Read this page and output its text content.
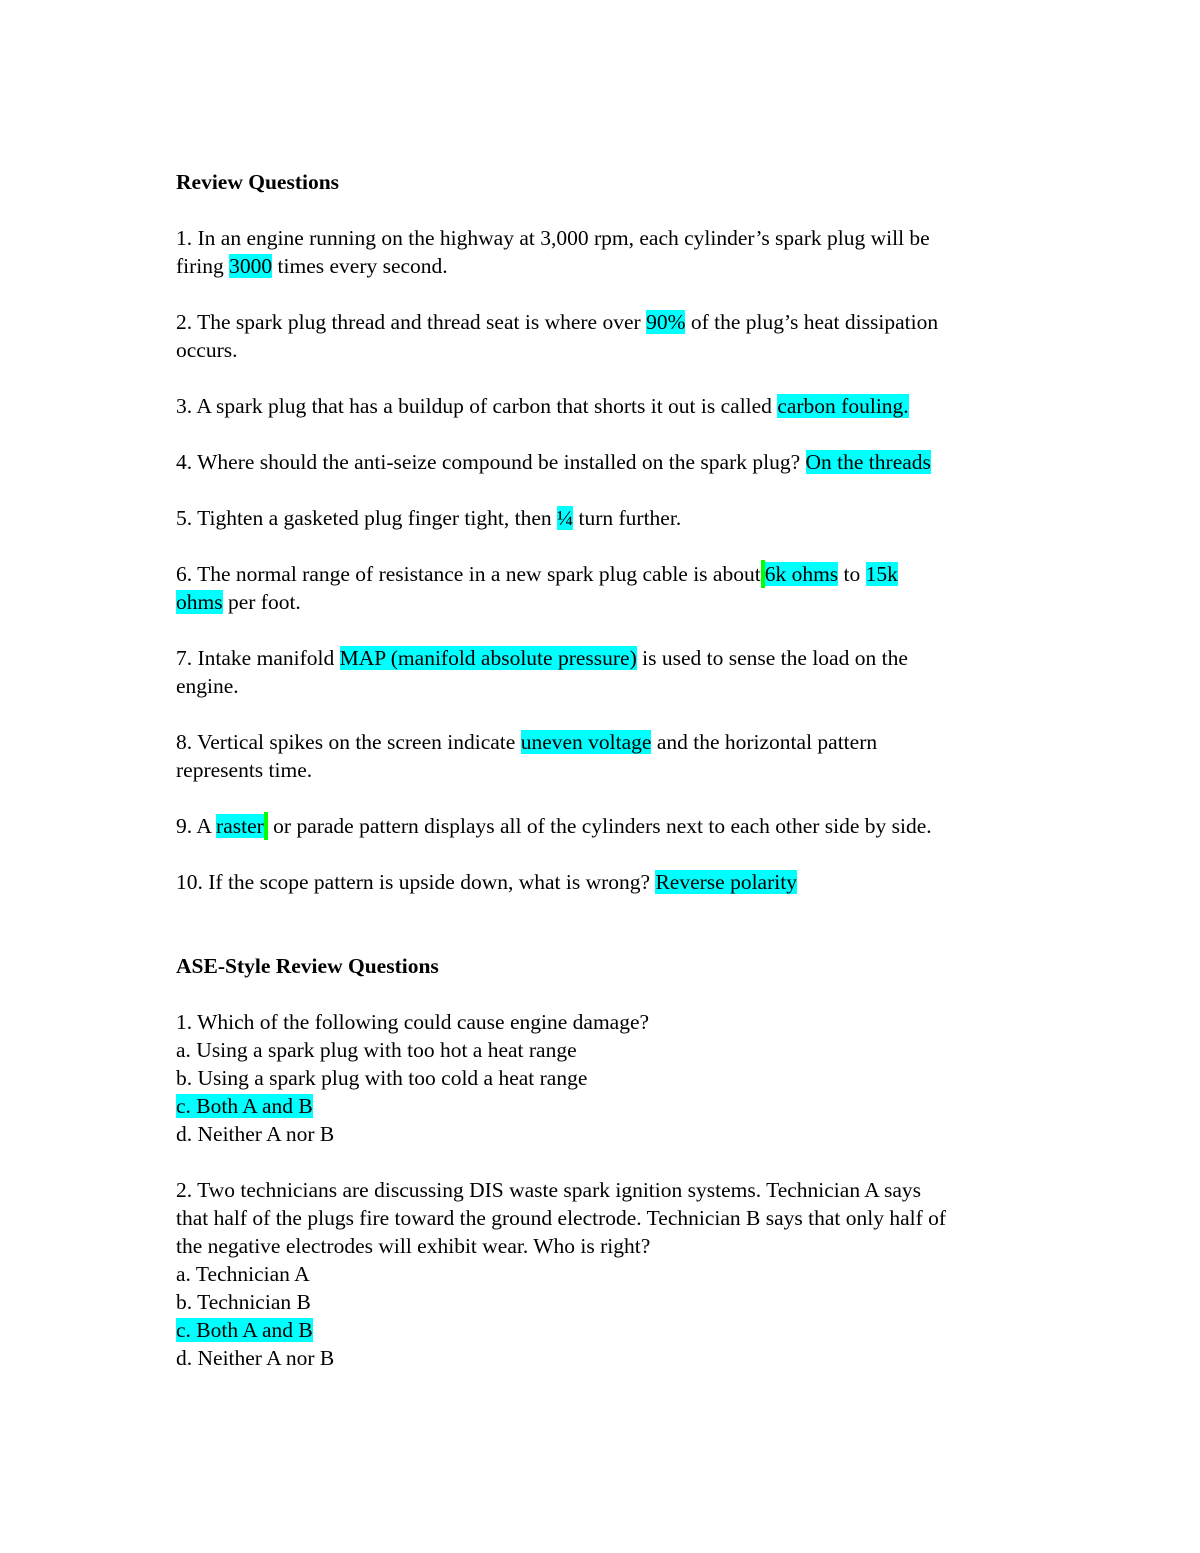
Review Questions
1. In an engine running on the highway at 3,000 rpm, each cylinder’s spark plug will be
firing 3000 times every second.
2. The spark plug thread and thread seat is where over 90% of the plug’s heat dissipation
occurs.
3. A spark plug that has a buildup of carbon that shorts it out is called carbon fouling.
4. Where should the anti-seize compound be installed on the spark plug? On the threads
5. Tighten a gasketed plug finger tight, then ¼ turn further.
6. The normal range of resistance in a new spark plug cable is about 6k ohms to 15k
ohms per foot.
7. Intake manifold MAP (manifold absolute pressure) is used to sense the load on the
engine.
8. Vertical spikes on the screen indicate uneven voltage and the horizontal pattern
represents time.
9. A raster or parade pattern displays all of the cylinders next to each other side by side.
10. If the scope pattern is upside down, what is wrong? Reverse polarity
ASE-Style Review Questions
1. Which of the following could cause engine damage?
a. Using a spark plug with too hot a heat range
b. Using a spark plug with too cold a heat range
c. Both A and B
d. Neither A nor B
2. Two technicians are discussing DIS waste spark ignition systems. Technician A says
that half of the plugs fire toward the ground electrode. Technician B says that only half of
the negative electrodes will exhibit wear. Who is right?
a. Technician A
b. Technician B
c. Both A and B
d. Neither A nor B
